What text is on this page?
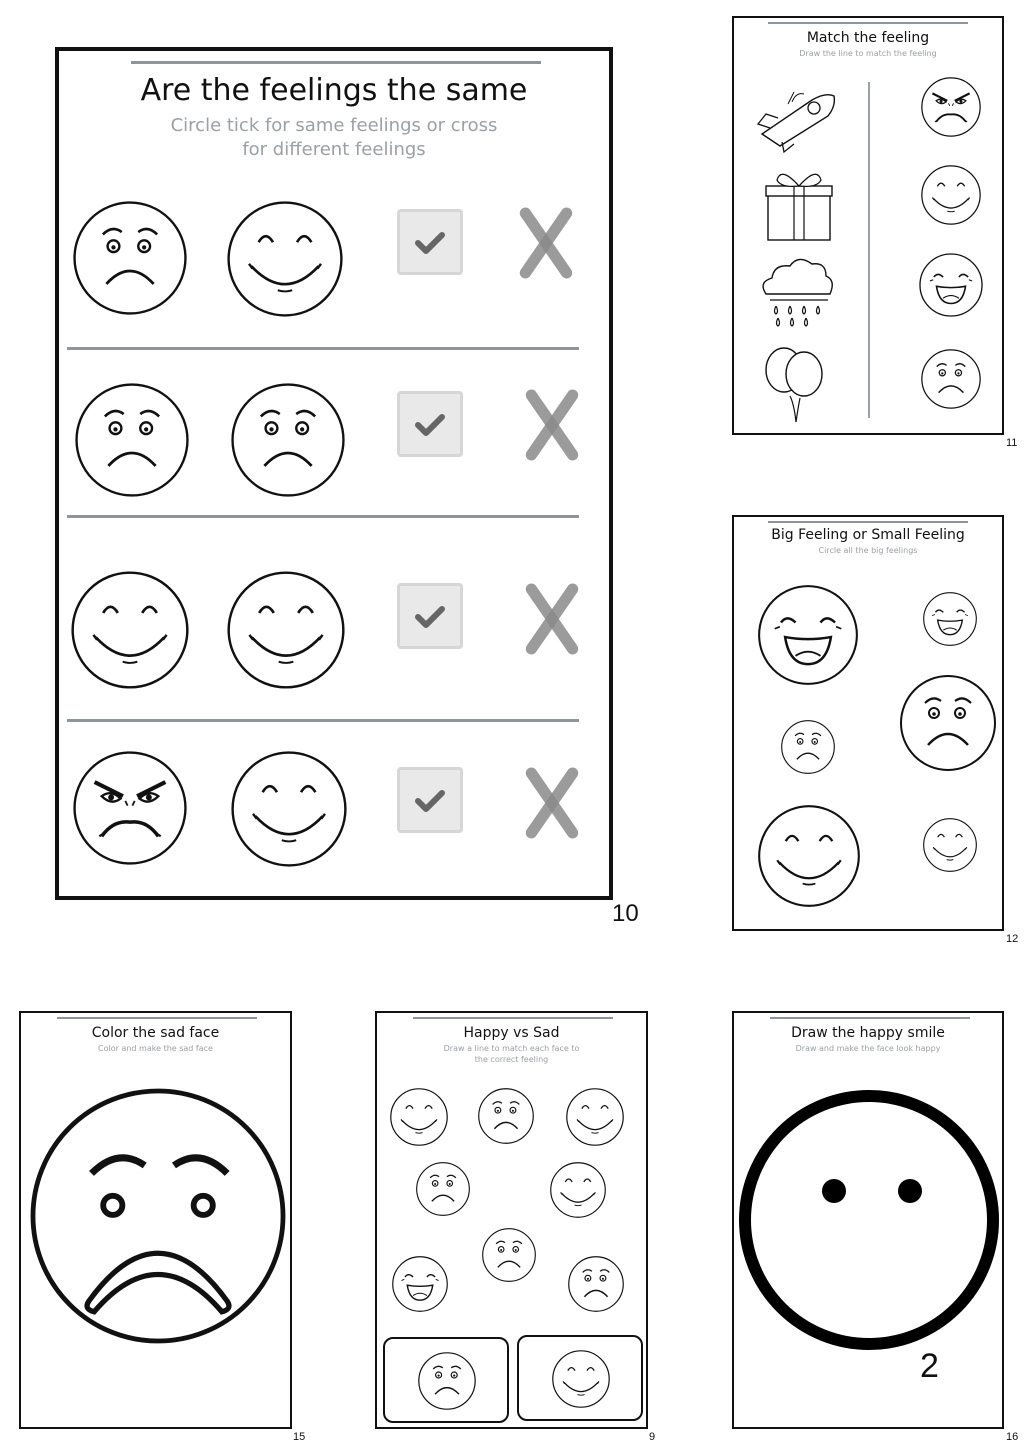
Are the feelings the same
Circle tick for same feelings or cross
for different feelings
10
Match the feeling
Draw the line to match the feeling
11
Big Feeling or Small Feeling
Circle all the big feelings
12
Color the sad face
Color and make the sad face
15
Happy vs Sad
Draw a line to match each face to
the correct feeling
9
Draw the happy smile
Draw and make the face look happy
2
16
